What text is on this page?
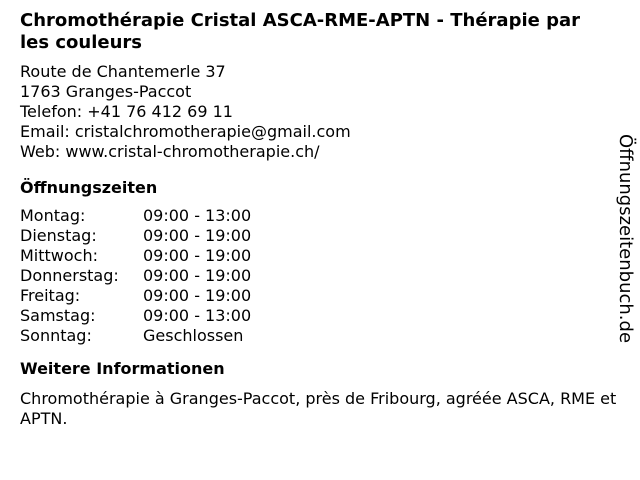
Chromothérapie Cristal ASCA-RME-APTN - Thérapie par les couleurs
Route de Chantemerle 37
1763 Granges-Paccot
Telefon: +41 76 412 69 11
Email: cristalchromotherapie@gmail.com
Web: www.cristal-chromotherapie.ch/
Öffnungszeiten
Montag:	09:00 - 13:00
Dienstag:	09:00 - 19:00
Mittwoch:	09:00 - 19:00
Donnerstag:	09:00 - 19:00
Freitag:	09:00 - 19:00
Samstag:	09:00 - 13:00
Sonntag:	Geschlossen
Weitere Informationen
Chromothérapie à Granges-Paccot, près de Fribourg, agréée ASCA, RME et APTN.
Öffnungszeitenbuch.de
